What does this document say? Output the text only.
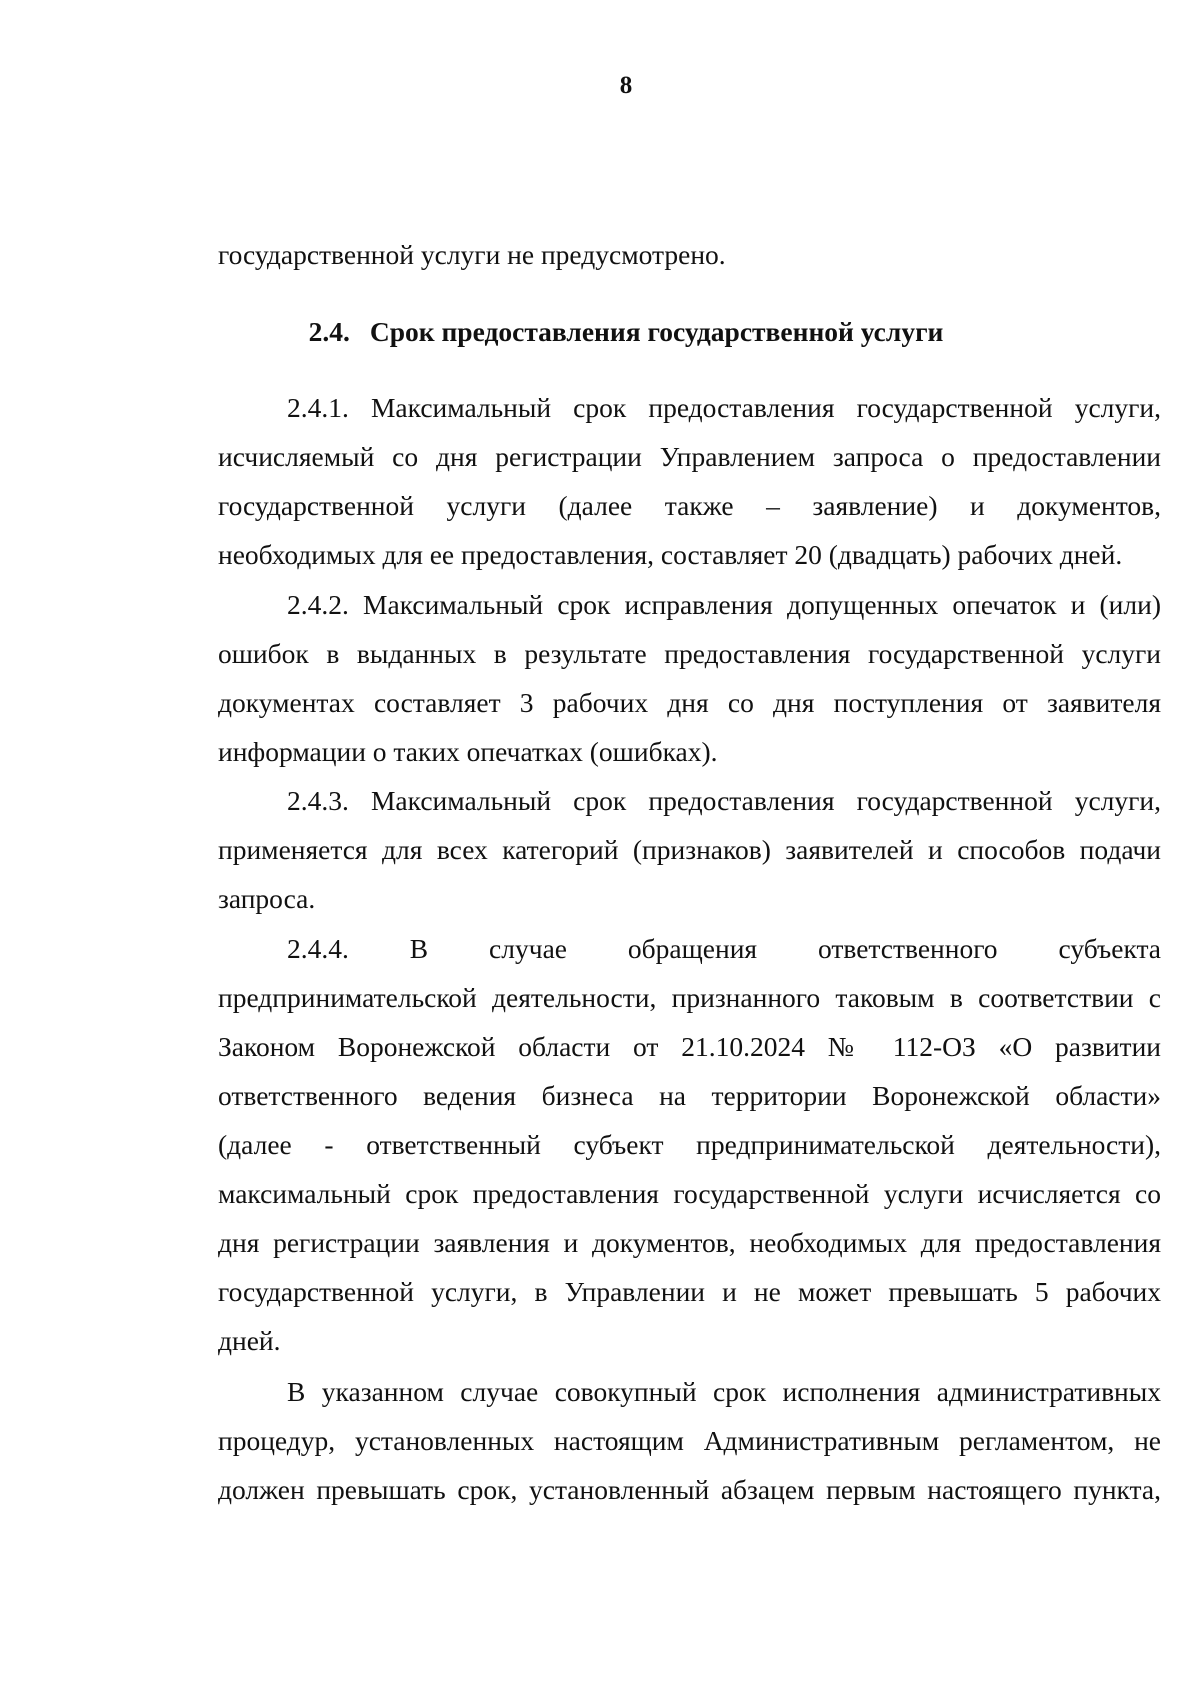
8
государственной услуги не предусмотрено.
2.4. Срок предоставления государственной услуги
2.4.1. Максимальный срок предоставления государственной услуги,
исчисляемый со дня регистрации Управлением запроса о предоставлении
государственной услуги (далее также – заявление) и документов,
необходимых для ее предоставления, составляет 20 (двадцать) рабочих дней.
2.4.2. Максимальный срок исправления допущенных опечаток и (или)
ошибок в выданных в результате предоставления государственной услуги
документах составляет 3 рабочих дня со дня поступления от заявителя
информации о таких опечатках (ошибках).
2.4.3. Максимальный срок предоставления государственной услуги,
применяется для всех категорий (признаков) заявителей и способов подачи
запроса.
2.4.4. В случае обращения ответственного субъекта
предпринимательской деятельности, признанного таковым в соответствии с
Законом Воронежской области от 21.10.2024 № 112-ОЗ «О развитии
ответственного ведения бизнеса на территории Воронежской области»
(далее - ответственный субъект предпринимательской деятельности),
максимальный срок предоставления государственной услуги исчисляется со
дня регистрации заявления и документов, необходимых для предоставления
государственной услуги, в Управлении и не может превышать 5 рабочих
дней.
В указанном случае совокупный срок исполнения административных
процедур, установленных настоящим Административным регламентом, не
должен превышать срок, установленный абзацем первым настоящего пункта,
